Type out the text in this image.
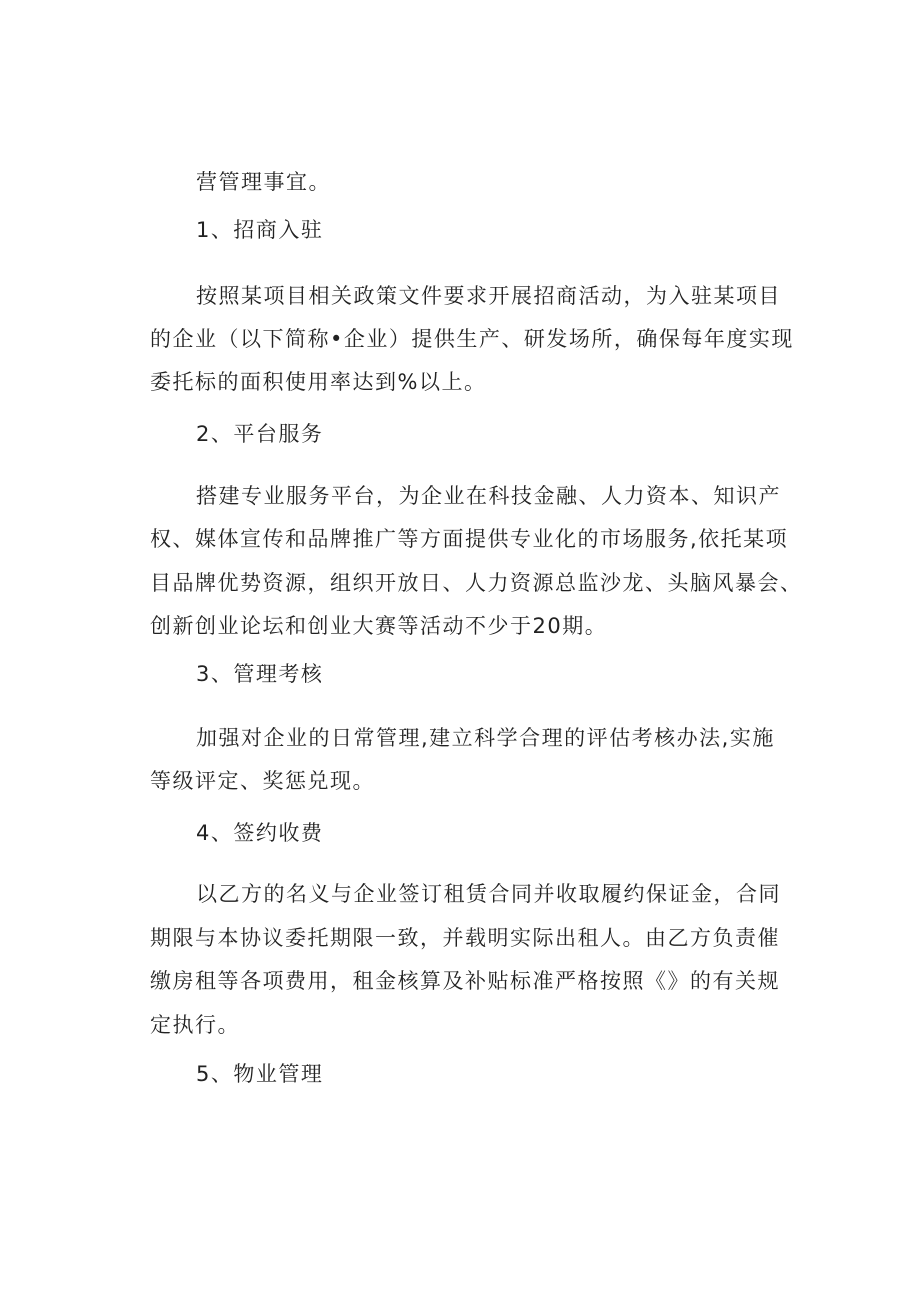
营管理事宜。
1、招商入驻
按照某项目相关政策文件要求开展招商活动，为入驻某项目
的企业（以下简称•企业）提供生产、研发场所，确保每年度实现
委托标的面积使用率达到%以上。
2、平台服务
搭建专业服务平台，为企业在科技金融、人力资本、知识产
权、媒体宣传和品牌推广等方面提供专业化的市场服务,依托某项
目品牌优势资源，组织开放日、人力资源总监沙龙、头脑风暴会、
创新创业论坛和创业大赛等活动不少于20期。
3、管理考核
加强对企业的日常管理,建立科学合理的评估考核办法,实施
等级评定、奖惩兑现。
4、签约收费
以乙方的名义与企业签订租赁合同并收取履约保证金，合同
期限与本协议委托期限一致，并载明实际出租人。由乙方负责催
缴房租等各项费用，租金核算及补贴标准严格按照《》的有关规
定执行。
5、物业管理
